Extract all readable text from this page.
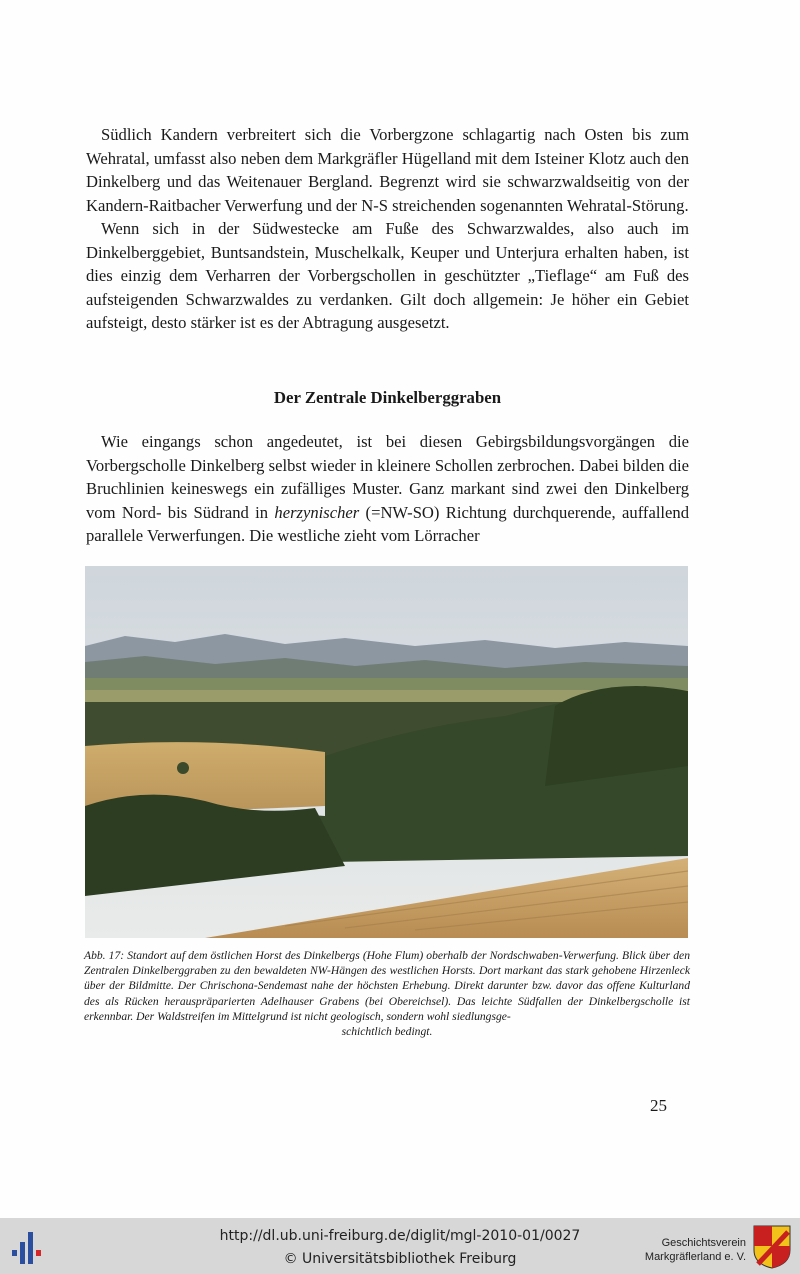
Südlich Kandern verbreitert sich die Vorbergzone schlagartig nach Osten bis zum Wehratal, umfasst also neben dem Markgräfler Hügelland mit dem Isteiner Klotz auch den Dinkelberg und das Weitenauer Bergland. Begrenzt wird sie schwarzwaldseitig von der Kandern-Raitbacher Verwerfung und der N-S streichenden sogenannten Wehratal-Störung.

Wenn sich in der Südwestecke am Fuße des Schwarzwaldes, also auch im Dinkelberggebiet, Buntsandstein, Muschelkalk, Keuper und Unterjura erhalten haben, ist dies einzig dem Verharren der Vorbergschollen in geschützter „Tieflage“ am Fuß des aufsteigenden Schwarzwaldes zu verdanken. Gilt doch allgemein: Je höher ein Gebiet aufsteigt, desto stärker ist es der Abtragung ausgesetzt.

Der Zentrale Dinkelberggraben

Wie eingangs schon angedeutet, ist bei diesen Gebirgsbildungsvorgängen die Vorbergscholle Dinkelberg selbst wieder in kleinere Schollen zerbrochen. Dabei bilden die Bruchlinien keineswegs ein zufälliges Muster. Ganz markant sind zwei den Dinkelberg vom Nord- bis Südrand in herzynischer (=NW-SO) Richtung durchquerende, auffallend parallele Verwerfungen. Die westliche zieht vom Lörracher

Abb. 17: Standort auf dem östlichen Horst des Dinkelbergs (Hohe Flum) oberhalb der Nordschwaben-Verwerfung. Blick über den Zentralen Dinkelberggraben zu den bewaldeten NW-Hängen des westlichen Horsts. Dort markant das stark gehobene Hirzenleck über der Bildmitte. Der Chrischona-Sendemast nahe der höchsten Erhebung. Direkt darunter bzw. davor das offene Kulturland des als Rücken herauspräparierten Adelhauser Grabens (bei Obereichsel). Das leichte Südfallen der Dinkelbergscholle ist erkennbar. Der Waldstreifen im Mittelgrund ist nicht geologisch, sondern wohl siedlungsge-
schichtlich bedingt.

25
http://dl.ub.uni-freiburg.de/diglit/mgl-2010-01/0027
© Universitätsbibliothek Freiburg
Geschichtsverein
Markgräflerland e. V.
